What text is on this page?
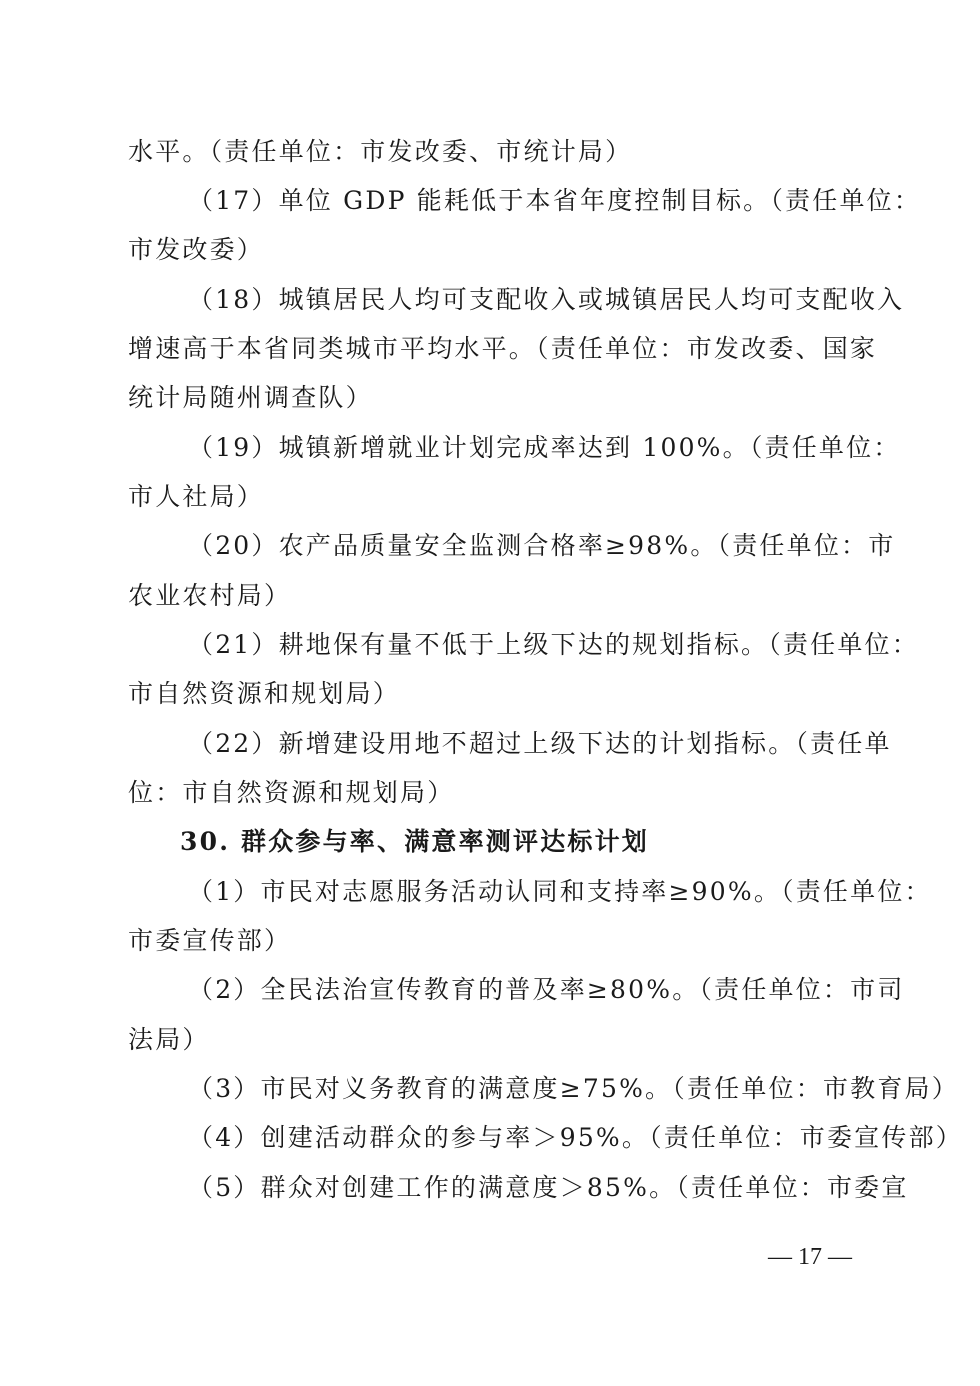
水平。（责任单位：市发改委、市统计局）
（17）单位 GDP 能耗低于本省年度控制目标。（责任单位：
市发改委）
（18）城镇居民人均可支配收入或城镇居民人均可支配收入
增速高于本省同类城市平均水平。（责任单位：市发改委、国家
统计局随州调查队）
（19）城镇新增就业计划完成率达到 100%。（责任单位：
市人社局）
（20）农产品质量安全监测合格率≥98%。（责任单位：市
农业农村局）
（21）耕地保有量不低于上级下达的规划指标。（责任单位：
市自然资源和规划局）
（22）新增建设用地不超过上级下达的计划指标。（责任单
位：市自然资源和规划局）
30. 群众参与率、满意率测评达标计划
（1）市民对志愿服务活动认同和支持率≥90%。（责任单位：
市委宣传部）
（2）全民法治宣传教育的普及率≥80%。（责任单位：市司
法局）
（3）市民对义务教育的满意度≥75%。（责任单位：市教育局）
（4）创建活动群众的参与率＞95%。（责任单位：市委宣传部）
（5）群众对创建工作的满意度＞85%。（责任单位：市委宣
— 17 —
